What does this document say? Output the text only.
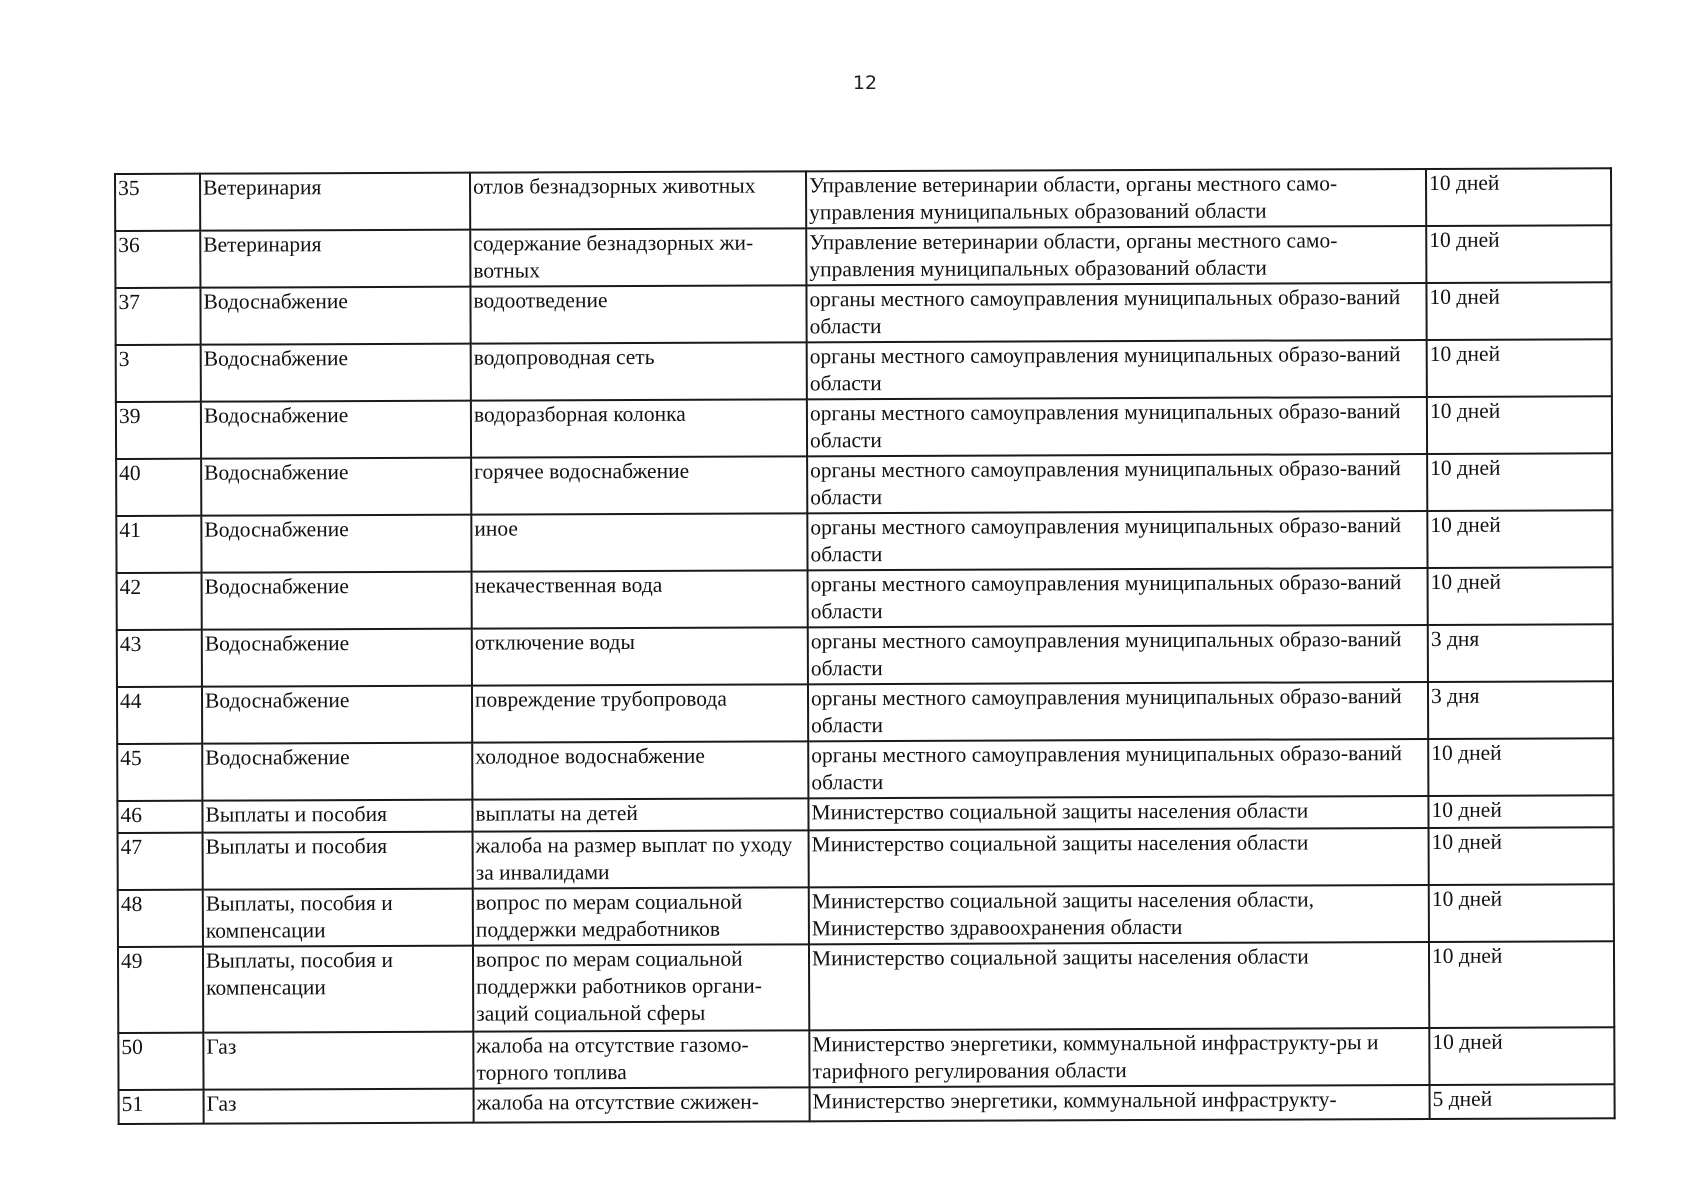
12
35	Ветеринария	отлов безнадзорных животных	Управление ветеринарии области, органы местного само-управления муниципальных образований области	10 дней
36	Ветеринария	содержание безнадзорных жи-вотных	Управление ветеринарии области, органы местного само-управления муниципальных образований области	10 дней
37	Водоснабжение	водоотведение	органы местного самоуправления муниципальных образо-ваний области	10 дней
3	Водоснабжение	водопроводная сеть	органы местного самоуправления муниципальных образо-ваний области	10 дней
39	Водоснабжение	водоразборная колонка	органы местного самоуправления муниципальных образо-ваний области	10 дней
40	Водоснабжение	горячее водоснабжение	органы местного самоуправления муниципальных образо-ваний области	10 дней
41	Водоснабжение	иное	органы местного самоуправления муниципальных образо-ваний области	10 дней
42	Водоснабжение	некачественная вода	органы местного самоуправления муниципальных образо-ваний области	10 дней
43	Водоснабжение	отключение воды	органы местного самоуправления муниципальных образо-ваний области	3 дня
44	Водоснабжение	повреждение трубопровода	органы местного самоуправления муниципальных образо-ваний области	3 дня
45	Водоснабжение	холодное водоснабжение	органы местного самоуправления муниципальных образо-ваний области	10 дней
46	Выплаты и пособия	выплаты на детей	Министерство социальной защиты населения области	10 дней
47	Выплаты и пособия	жалоба на размер выплат по уходу за инвалидами	Министерство социальной защиты населения области	10 дней
48	Выплаты, пособия и компенсации	вопрос по мерам социальной поддержки медработников	Министерство социальной защиты населения области, Министерство здравоохранения области	10 дней
49	Выплаты, пособия и компенсации	вопрос по мерам социальной поддержки работников органи-заций социальной сферы	Министерство социальной защиты населения области	10 дней
50	Газ	жалоба на отсутствие газомо-торного топлива	Министерство энергетики, коммунальной инфраструкту-ры и тарифного регулирования области	10 дней
51	Газ	жалоба на отсутствие сжижен-	Министерство энергетики, коммунальной инфраструкту-	5 дней
